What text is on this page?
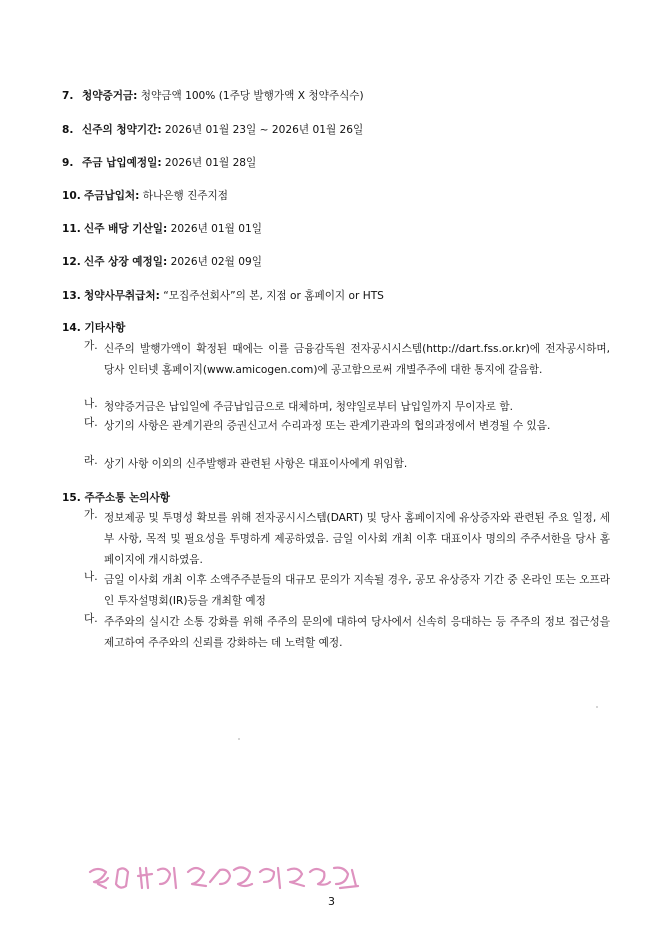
7. 청약증거금: 청약금액 100% (1주당 발행가액 X 청약주식수)
8. 신주의 청약기간: 2026년 01월 23일 ~ 2026년 01월 26일
9. 주금 납입예정일: 2026년 01월 28일
10. 주금납입처: 하나은행 진주지점
11. 신주 배당 기산일: 2026년 01월 01일
12. 신주 상장 예정일: 2026년 02월 09일
13. 청약사무취급처: “모집주선회사”의 본, 지점 or 홈페이지 or HTS
14. 기타사항
가. 신주의 발행가액이 확정된 때에는 이를 금융감독원 전자공시시스템(http://dart.fss.or.kr)에 전자공시하며, 당사 인터넷 홈페이지(www.amicogen.com)에 공고함으로써 개별주주에 대한 통지에 갈음함.
나. 청약증거금은 납입일에 주금납입금으로 대체하며, 청약일로부터 납입일까지 무이자로 함.
다. 상기의 사항은 관계기관의 증권신고서 수리과정 또는 관계기관과의 협의과정에서 변경될 수 있음.
라. 상기 사항 이외의 신주발행과 관련된 사항은 대표이사에게 위임함.
15. 주주소통 논의사항
가. 정보제공 및 투명성 확보를 위해 전자공시시스템(DART) 및 당사 홈페이지에 유상증자와 관련된 주요 일정, 세부 사항, 목적 및 필요성을 투명하게 제공하였음. 금일 이사회 개최 이후 대표이사 명의의 주주서한을 당사 홈페이지에 개시하였음.
나. 금일 이사회 개최 이후 소액주주분들의 대규모 문의가 지속될 경우, 공모 유상증자 기간 중 온라인 또는 오프라인 투자설명회(IR)등을 개최할 예정
다. 주주와의 실시간 소통 강화를 위해 주주의 문의에 대하여 당사에서 신속히 응대하는 등 주주의 정보 접근성을 제고하여 주주와의 신뢰를 강화하는 데 노력할 예정.
3
